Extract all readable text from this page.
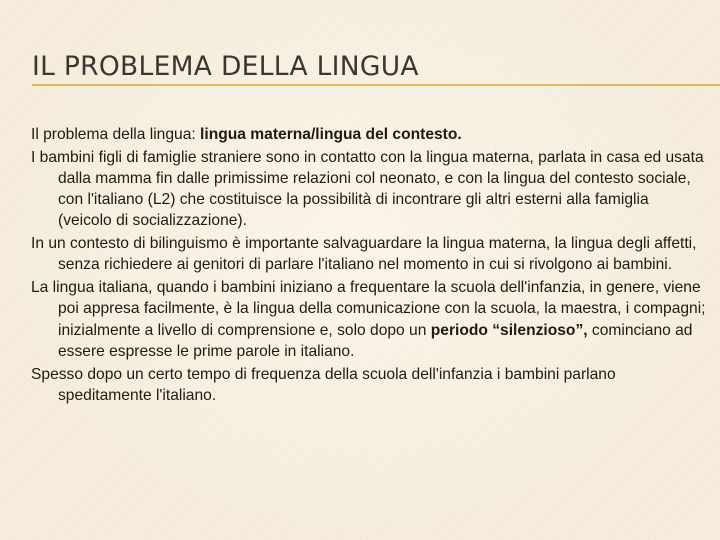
IL PROBLEMA DELLA LINGUA

Il problema della lingua: lingua materna/lingua del contesto.

I bambini figli di famiglie straniere sono in contatto con la lingua materna, parlata in casa ed usata dalla mamma fin dalle primissime relazioni col neonato, e con la lingua del contesto sociale, con l'italiano (L2) che costituisce la possibilità di incontrare gli altri esterni alla famiglia (veicolo di socializzazione).

In un contesto di bilinguismo è importante salvaguardare la lingua materna, la lingua degli affetti, senza richiedere ai genitori di parlare l'italiano nel momento in cui si rivolgono ai bambini.

La lingua italiana, quando i bambini iniziano a frequentare la scuola dell'infanzia, in genere, viene poi appresa facilmente, è la lingua della comunicazione con la scuola, la maestra, i compagni; inizialmente a livello di comprensione e, solo dopo un periodo “silenzioso”, cominciano ad essere espresse le prime parole in italiano.

Spesso dopo un certo tempo di frequenza della scuola dell'infanzia i bambini parlano speditamente l'italiano.
